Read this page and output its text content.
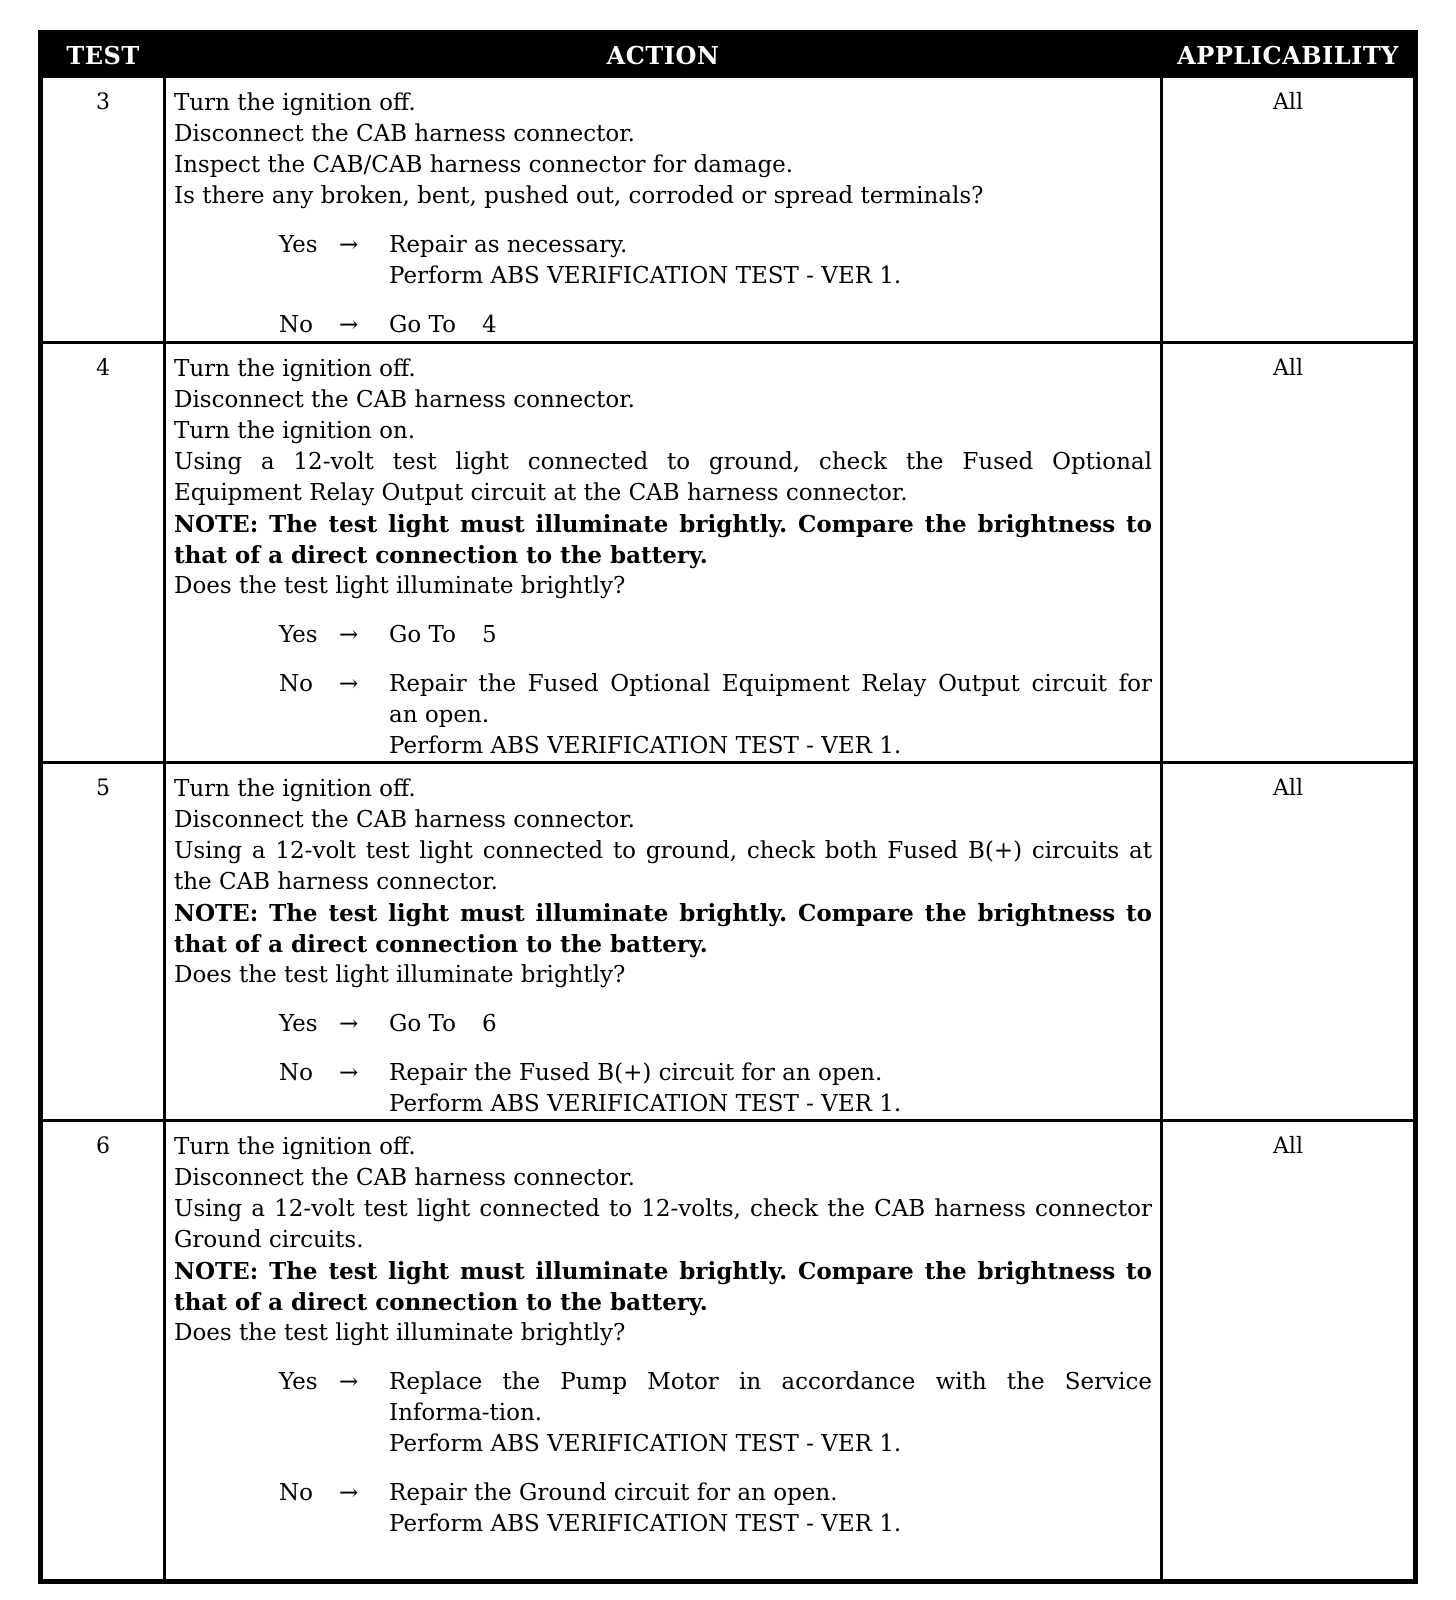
TEST	ACTION	APPLICABILITY
3	Turn the ignition off.
Disconnect the CAB harness connector.
Inspect the CAB/CAB harness connector for damage.
Is there any broken, bent, pushed out, corroded or spread terminals?
Yes →	Repair as necessary.
Perform ABS VERIFICATION TEST - VER 1.
No	→	Go To 4
All
4	Turn the ignition off.
Disconnect the CAB harness connector.
Turn the ignition on.
Using a 12-volt test light connected to ground, check the Fused Optional Equipment Relay Output circuit at the CAB harness connector.
NOTE: The test light must illuminate brightly. Compare the brightness to that of a direct connection to the battery.
Does the test light illuminate brightly?
Yes →	Go To 5
No	→	Repair the Fused Optional Equipment Relay Output circuit for an open.
Perform ABS VERIFICATION TEST - VER 1.
All
5	Turn the ignition off.
Disconnect the CAB harness connector.
Using a 12-volt test light connected to ground, check both Fused B(+) circuits at the CAB harness connector.
NOTE: The test light must illuminate brightly. Compare the brightness to that of a direct connection to the battery.
Does the test light illuminate brightly?
Yes →	Go To 6
No	→	Repair the Fused B(+) circuit for an open.
Perform ABS VERIFICATION TEST - VER 1.
All
6	Turn the ignition off.
Disconnect the CAB harness connector.
Using a 12-volt test light connected to 12-volts, check the CAB harness connector Ground circuits.
NOTE: The test light must illuminate brightly. Compare the brightness to that of a direct connection to the battery.
Does the test light illuminate brightly?
Yes →	Replace the Pump Motor in accordance with the Service Informa-tion.
Perform ABS VERIFICATION TEST - VER 1.
No	→	Repair the Ground circuit for an open.
Perform ABS VERIFICATION TEST - VER 1.
All
